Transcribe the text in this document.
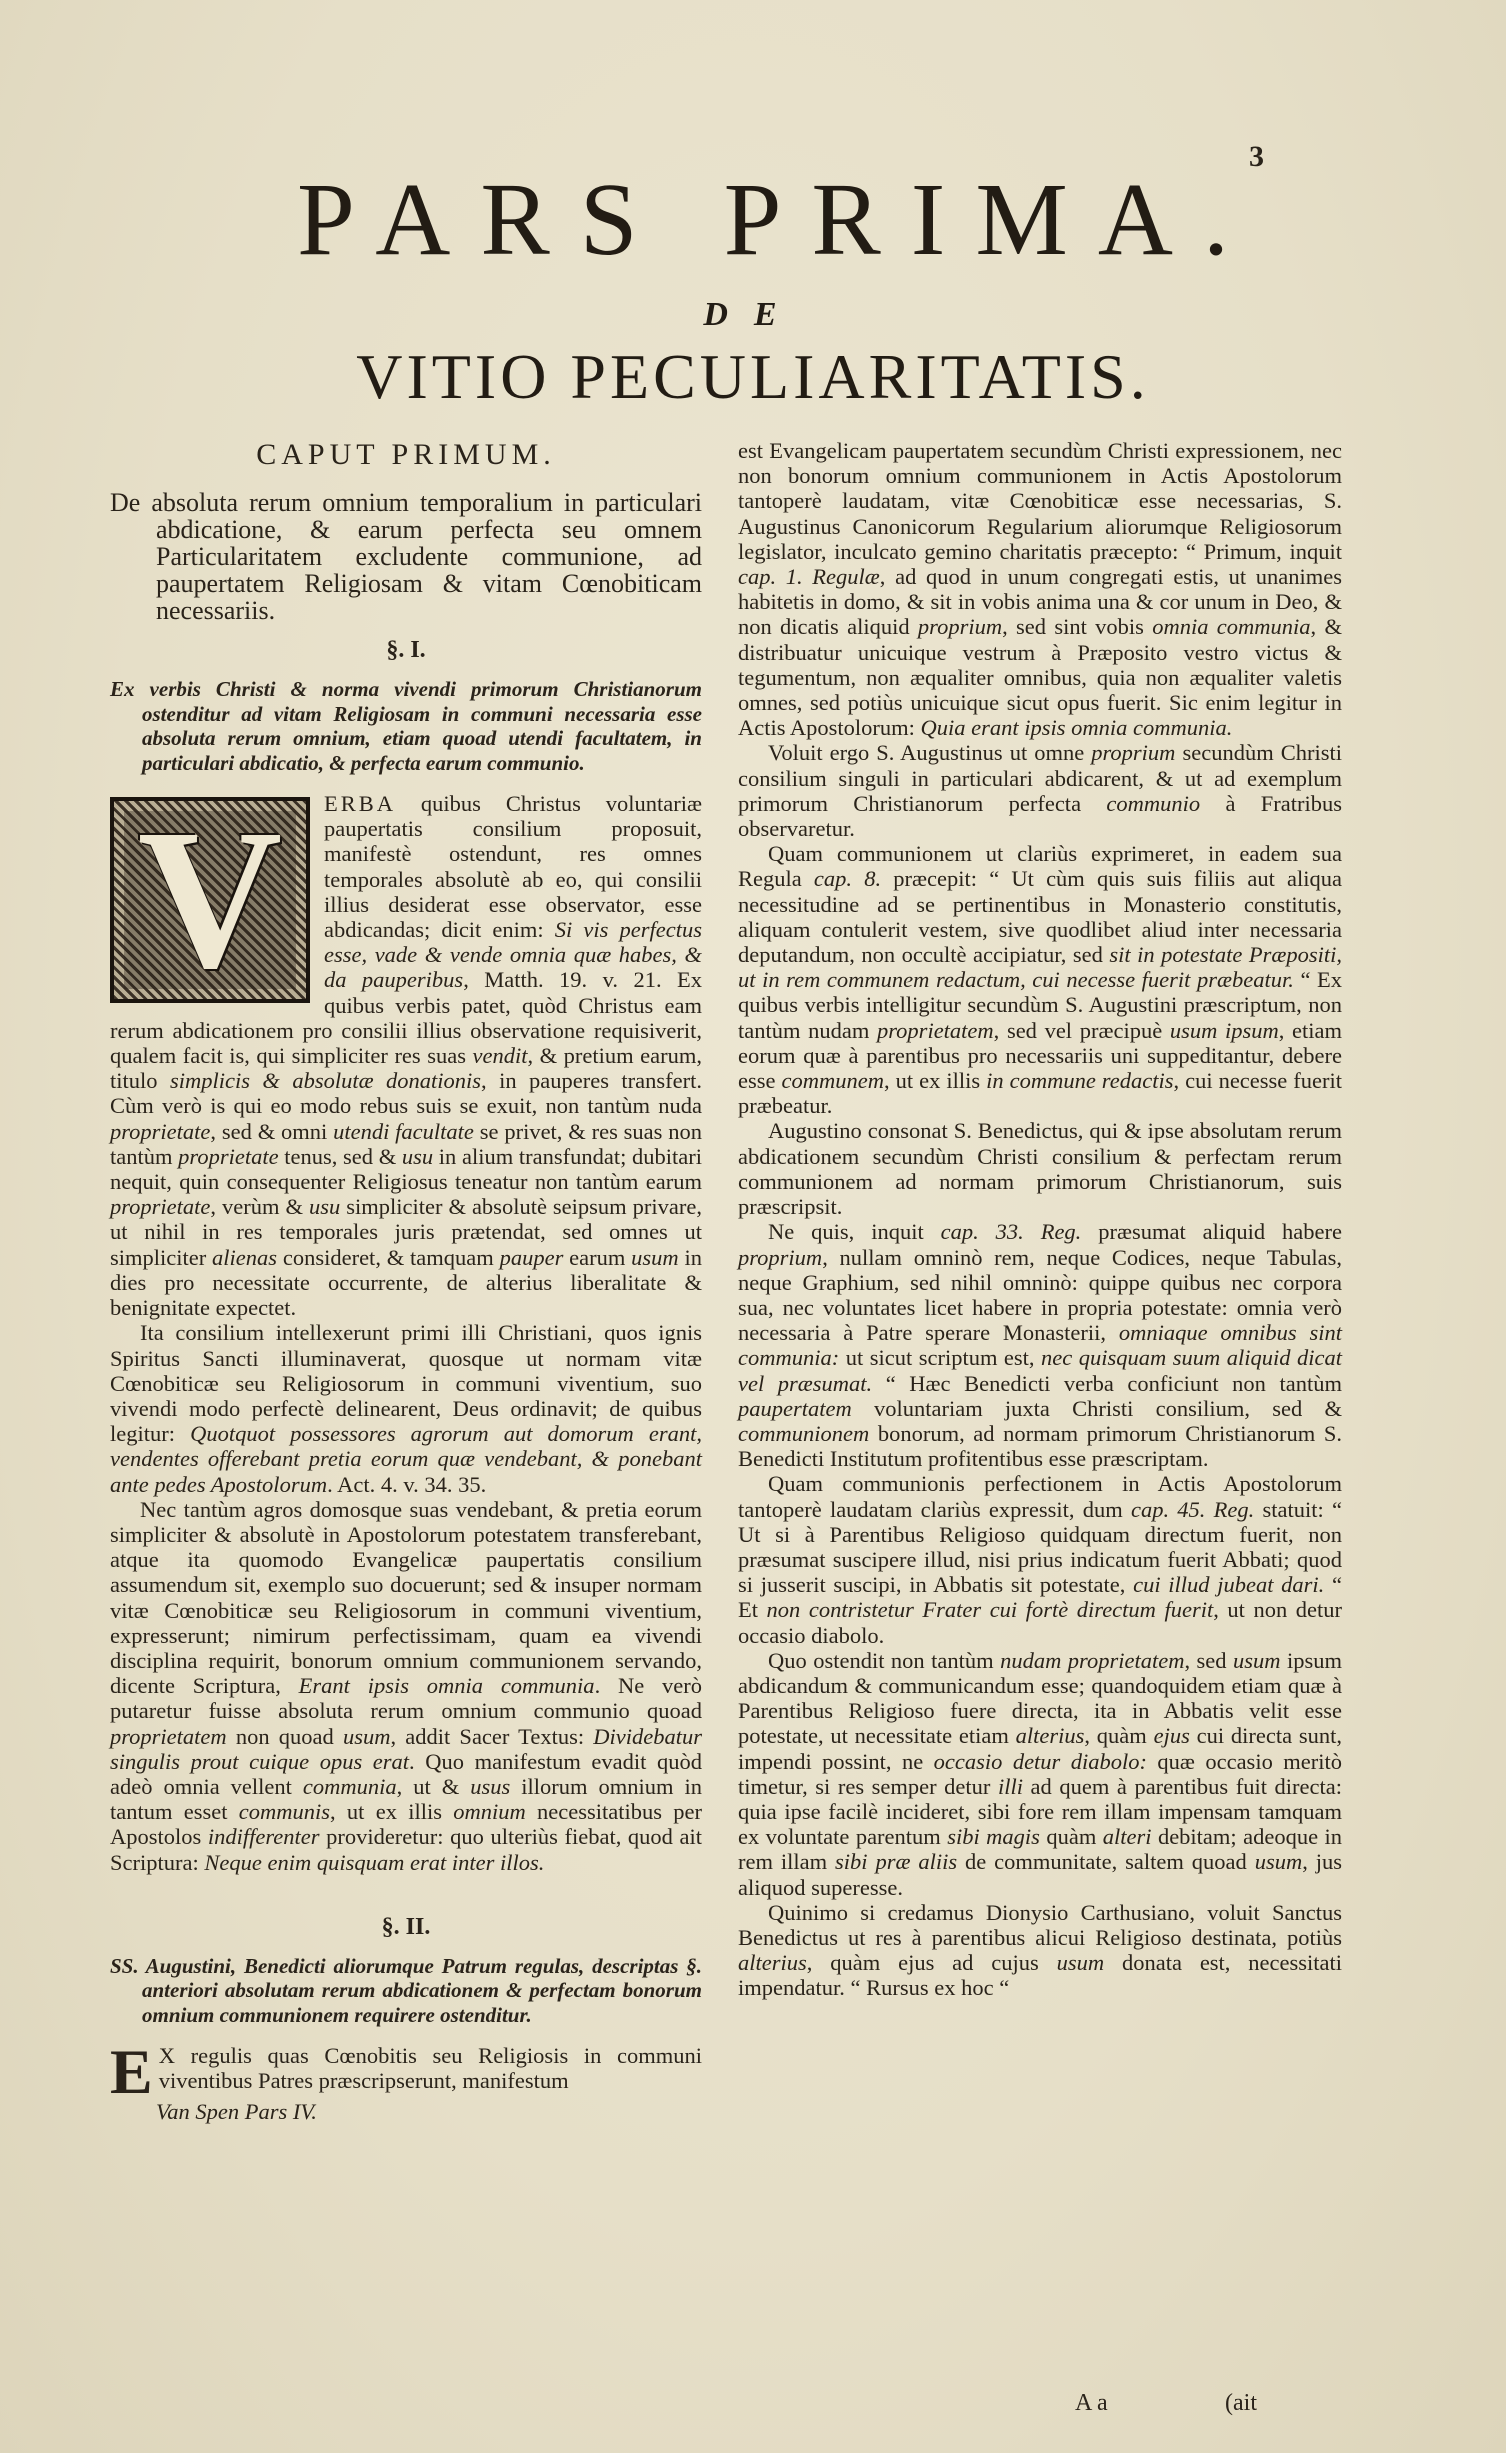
3
PARS PRIMA.
DE
VITIO PECULIARITATIS.
CAPUT PRIMUM.
De absoluta rerum omnium temporalium in particulari abdicatione, & earum perfecta seu omnem Particularitatem excludente communione, ad paupertatem Religiosam & vitam Cœnobiticam necessariis.
§. I.
Ex verbis Christi & norma vivendi primorum Christianorum ostenditur ad vitam Religiosam in communi necessaria esse absoluta rerum omnium, etiam quoad utendi facultatem, in particulari abdicatio, & perfecta earum communio.

V	ERBA quibus Christus voluntariæ paupertatis consilium proposuit, manifestè ostendunt, res omnes temporales absolutè ab eo, qui consilii illius desiderat esse observator, esse abdicandas; dicit enim: Si vis perfectus esse, vade & vende omnia quæ habes, & da pauperibus, Matth. 19. v. 21. Ex quibus verbis patet, quòd Christus eam rerum abdicationem pro consilii illius observatione requisiverit, qualem facit is, qui simpliciter res suas vendit, & pretium earum, titulo simplicis & absolutæ donationis, in pauperes transfert. Cùm verò is qui eo modo rebus suis se exuit, non tantùm nuda proprietate, sed & omni utendi facultate se privet, & res suas non tantùm proprietate tenus, sed & usu in alium transfundat; dubitari nequit, quin consequenter Religiosus teneatur non tantùm earum proprietate, verùm & usu simpliciter & absolutè seipsum privare, ut nihil in res temporales juris prætendat, sed omnes ut simpliciter alienas consideret, & tamquam pauper earum usum in dies pro necessitate occurrente, de alterius liberalitate & benignitate expectet.

Ita consilium intellexerunt primi illi Christiani, quos ignis Spiritus Sancti illuminaverat, quosque ut normam vitæ Cœnobiticæ seu Religiosorum in communi viventium, suo vivendi modo perfectè delinearent, Deus ordinavit; de quibus legitur: Quotquot possessores agrorum aut domorum erant, vendentes offerebant pretia eorum quæ vendebant, & ponebant ante pedes Apostolorum. Act. 4. v. 34. 35.

Nec tantùm agros domosque suas vendebant, & pretia eorum simpliciter & absolutè in Apostolorum potestatem transferebant, atque ita quomodo Evangelicæ paupertatis consilium assumendum sit, exemplo suo docuerunt; sed & insuper normam vitæ Cœnobiticæ seu Religiosorum in communi viventium, expresserunt; nimirum perfectissimam, quam ea vivendi disciplina requirit, bonorum omnium communionem servando, dicente Scriptura, Erant ipsis omnia communia. Ne verò putaretur fuisse absoluta rerum omnium communio quoad proprietatem non quoad usum, addit Sacer Textus: Dividebatur singulis prout cuique opus erat. Quo manifestum evadit quòd adeò omnia vellent communia, ut & usus illorum omnium in tantum esset communis, ut ex illis omnium necessitatibus per Apostolos indifferenter provideretur: quo ulteriùs fiebat, quod ait Scriptura: Neque enim quisquam erat inter illos.

§. II.
SS. Augustini, Benedicti aliorumque Patrum regulas, descriptas §. anteriori absolutam rerum abdicationem & perfectam bonorum omnium communionem requirere ostenditur.

E X regulis quas Cœnobitis seu Religiosis in communi viventibus Patres præscripserunt, manifestum

Van Spen Pars IV.

est Evangelicam paupertatem secundùm Christi expressionem, nec non bonorum omnium communionem in Actis Apostolorum tantoperè laudatam, vitæ Cœnobiticæ esse necessarias, S. Augustinus Canonicorum Regularium aliorumque Religiosorum legislator, inculcato gemino charitatis præcepto: “ Primum, inquit cap. 1. Regulæ, ad quod in unum congregati estis, ut unanimes habitetis in domo, & sit in vobis anima una & cor unum in Deo, & non dicatis aliquid proprium, sed sint vobis omnia communia, & distribuatur unicuique vestrum à Præposito vestro victus & tegumentum, non æqualiter omnibus, quia non æqualiter valetis omnes, sed potiùs unicuique sicut opus fuerit. Sic enim legitur in Actis Apostolorum: Quia erant ipsis omnia communia.

Voluit ergo S. Augustinus ut omne proprium secundùm Christi consilium singuli in particulari abdicarent, & ut ad exemplum primorum Christianorum perfecta communio à Fratribus observaretur.

Quam communionem ut clariùs exprimeret, in eadem sua Regula cap. 8. præcepit: “ Ut cùm quis suis filiis aut aliqua necessitudine ad se pertinentibus in Monasterio constitutis, aliquam contulerit vestem, sive quodlibet aliud inter necessaria deputandum, non occultè accipiatur, sed sit in potestate Præpositi, ut in rem communem redactum, cui necesse fuerit præbeatur. “ Ex quibus verbis intelligitur secundùm S. Augustini præscriptum, non tantùm nudam proprietatem, sed vel præcipuè usum ipsum, etiam eorum quæ à parentibus pro necessariis uni suppeditantur, debere esse communem, ut ex illis in commune redactis, cui necesse fuerit præbeatur.

Augustino consonat S. Benedictus, qui & ipse absolutam rerum abdicationem secundùm Christi consilium & perfectam rerum communionem ad normam primorum Christianorum, suis præscripsit.

Ne quis, inquit cap. 33. Reg. præsumat aliquid habere proprium, nullam omninò rem, neque Codices, neque Tabulas, neque Graphium, sed nihil omninò: quippe quibus nec corpora sua, nec voluntates licet habere in propria potestate: omnia verò necessaria à Patre sperare Monasterii, omniaque omnibus sint communia: ut sicut scriptum est, nec quisquam suum aliquid dicat vel præsumat. “ Hæc Benedicti verba conficiunt non tantùm paupertatem voluntariam juxta Christi consilium, sed & communionem bonorum, ad normam primorum Christianorum S. Benedicti Institutum profitentibus esse præscriptam.

Quam communionis perfectionem in Actis Apostolorum tantoperè laudatam clariùs expressit, dum cap. 45. Reg. statuit: “ Ut si à Parentibus Religioso quidquam directum fuerit, non præsumat suscipere illud, nisi prius indicatum fuerit Abbati; quod si jusserit suscipi, in Abbatis sit potestate, cui illud jubeat dari. “ Et non contristetur Frater cui fortè directum fuerit, ut non detur occasio diabolo.

Quo ostendit non tantùm nudam proprietatem, sed usum ipsum abdicandum & communicandum esse; quandoquidem etiam quæ à Parentibus Religioso fuere directa, ita in Abbatis velit esse potestate, ut necessitate etiam alterius, quàm ejus cui directa sunt, impendi possint, ne occasio detur diabolo: quæ occasio meritò timetur, si res semper detur illi ad quem à parentibus fuit directa: quia ipse facilè incideret, sibi fore rem illam impensam tamquam ex voluntate parentum sibi magis quàm alteri debitam; adeoque in rem illam sibi præ aliis de communitate, saltem quoad usum, jus aliquod superesse.

Quinimo si credamus Dionysio Carthusiano, voluit Sanctus Benedictus ut res à parentibus alicui Religioso destinata, potiùs alterius, quàm ejus ad cujus usum donata est, necessitati impendatur. “ Rursus ex hoc “

A a	(ait
